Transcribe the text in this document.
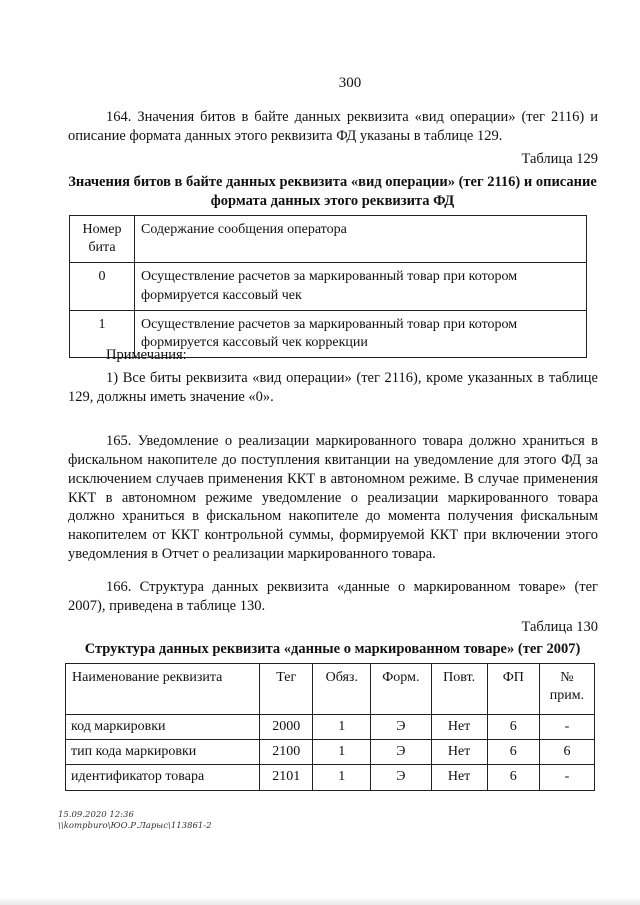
300
164. Значения битов в байте данных реквизита «вид операции» (тег 2116) и описание формата данных этого реквизита ФД указаны в таблице 129.
Таблица 129
Значения битов в байте данных реквизита «вид операции» (тег 2116) и описание формата данных этого реквизита ФД
Номер бита	Содержание сообщения оператора
0	Осуществление расчетов за маркированный товар при котором формируется кассовый чек
1	Осуществление расчетов за маркированный товар при котором формируется кассовый чек коррекции
Примечания:
1) Все биты реквизита «вид операции» (тег 2116), кроме указанных в таблице 129, должны иметь значение «0».
165. Уведомление о реализации маркированного товара должно храниться в фискальном накопителе до поступления квитанции на уведомление для этого ФД за исключением случаев применения ККТ в автономном режиме. В случае применения ККТ в автономном режиме уведомление о реализации маркированного товара должно храниться в фискальном накопителе до момента получения фискальным накопителем от ККТ контрольной суммы, формируемой ККТ при включении этого уведомления в Отчет о реализации маркированного товара.
166. Структура данных реквизита «данные о маркированном товаре» (тег 2007), приведена в таблице 130.
Таблица 130
Структура данных реквизита «данные о маркированном товаре» (тег 2007)
Наименование реквизита	Тег	Обяз.	Форм.	Повт.	ФП	№ прим.
код маркировки	2000	1	Э	Нет	6	-
тип кода маркировки	2100	1	Э	Нет	6	6
идентификатор товара	2101	1	Э	Нет	6	-
15.09.2020 12:36
\\kompburo\ЮО.Р.Ларыс\113861-2
